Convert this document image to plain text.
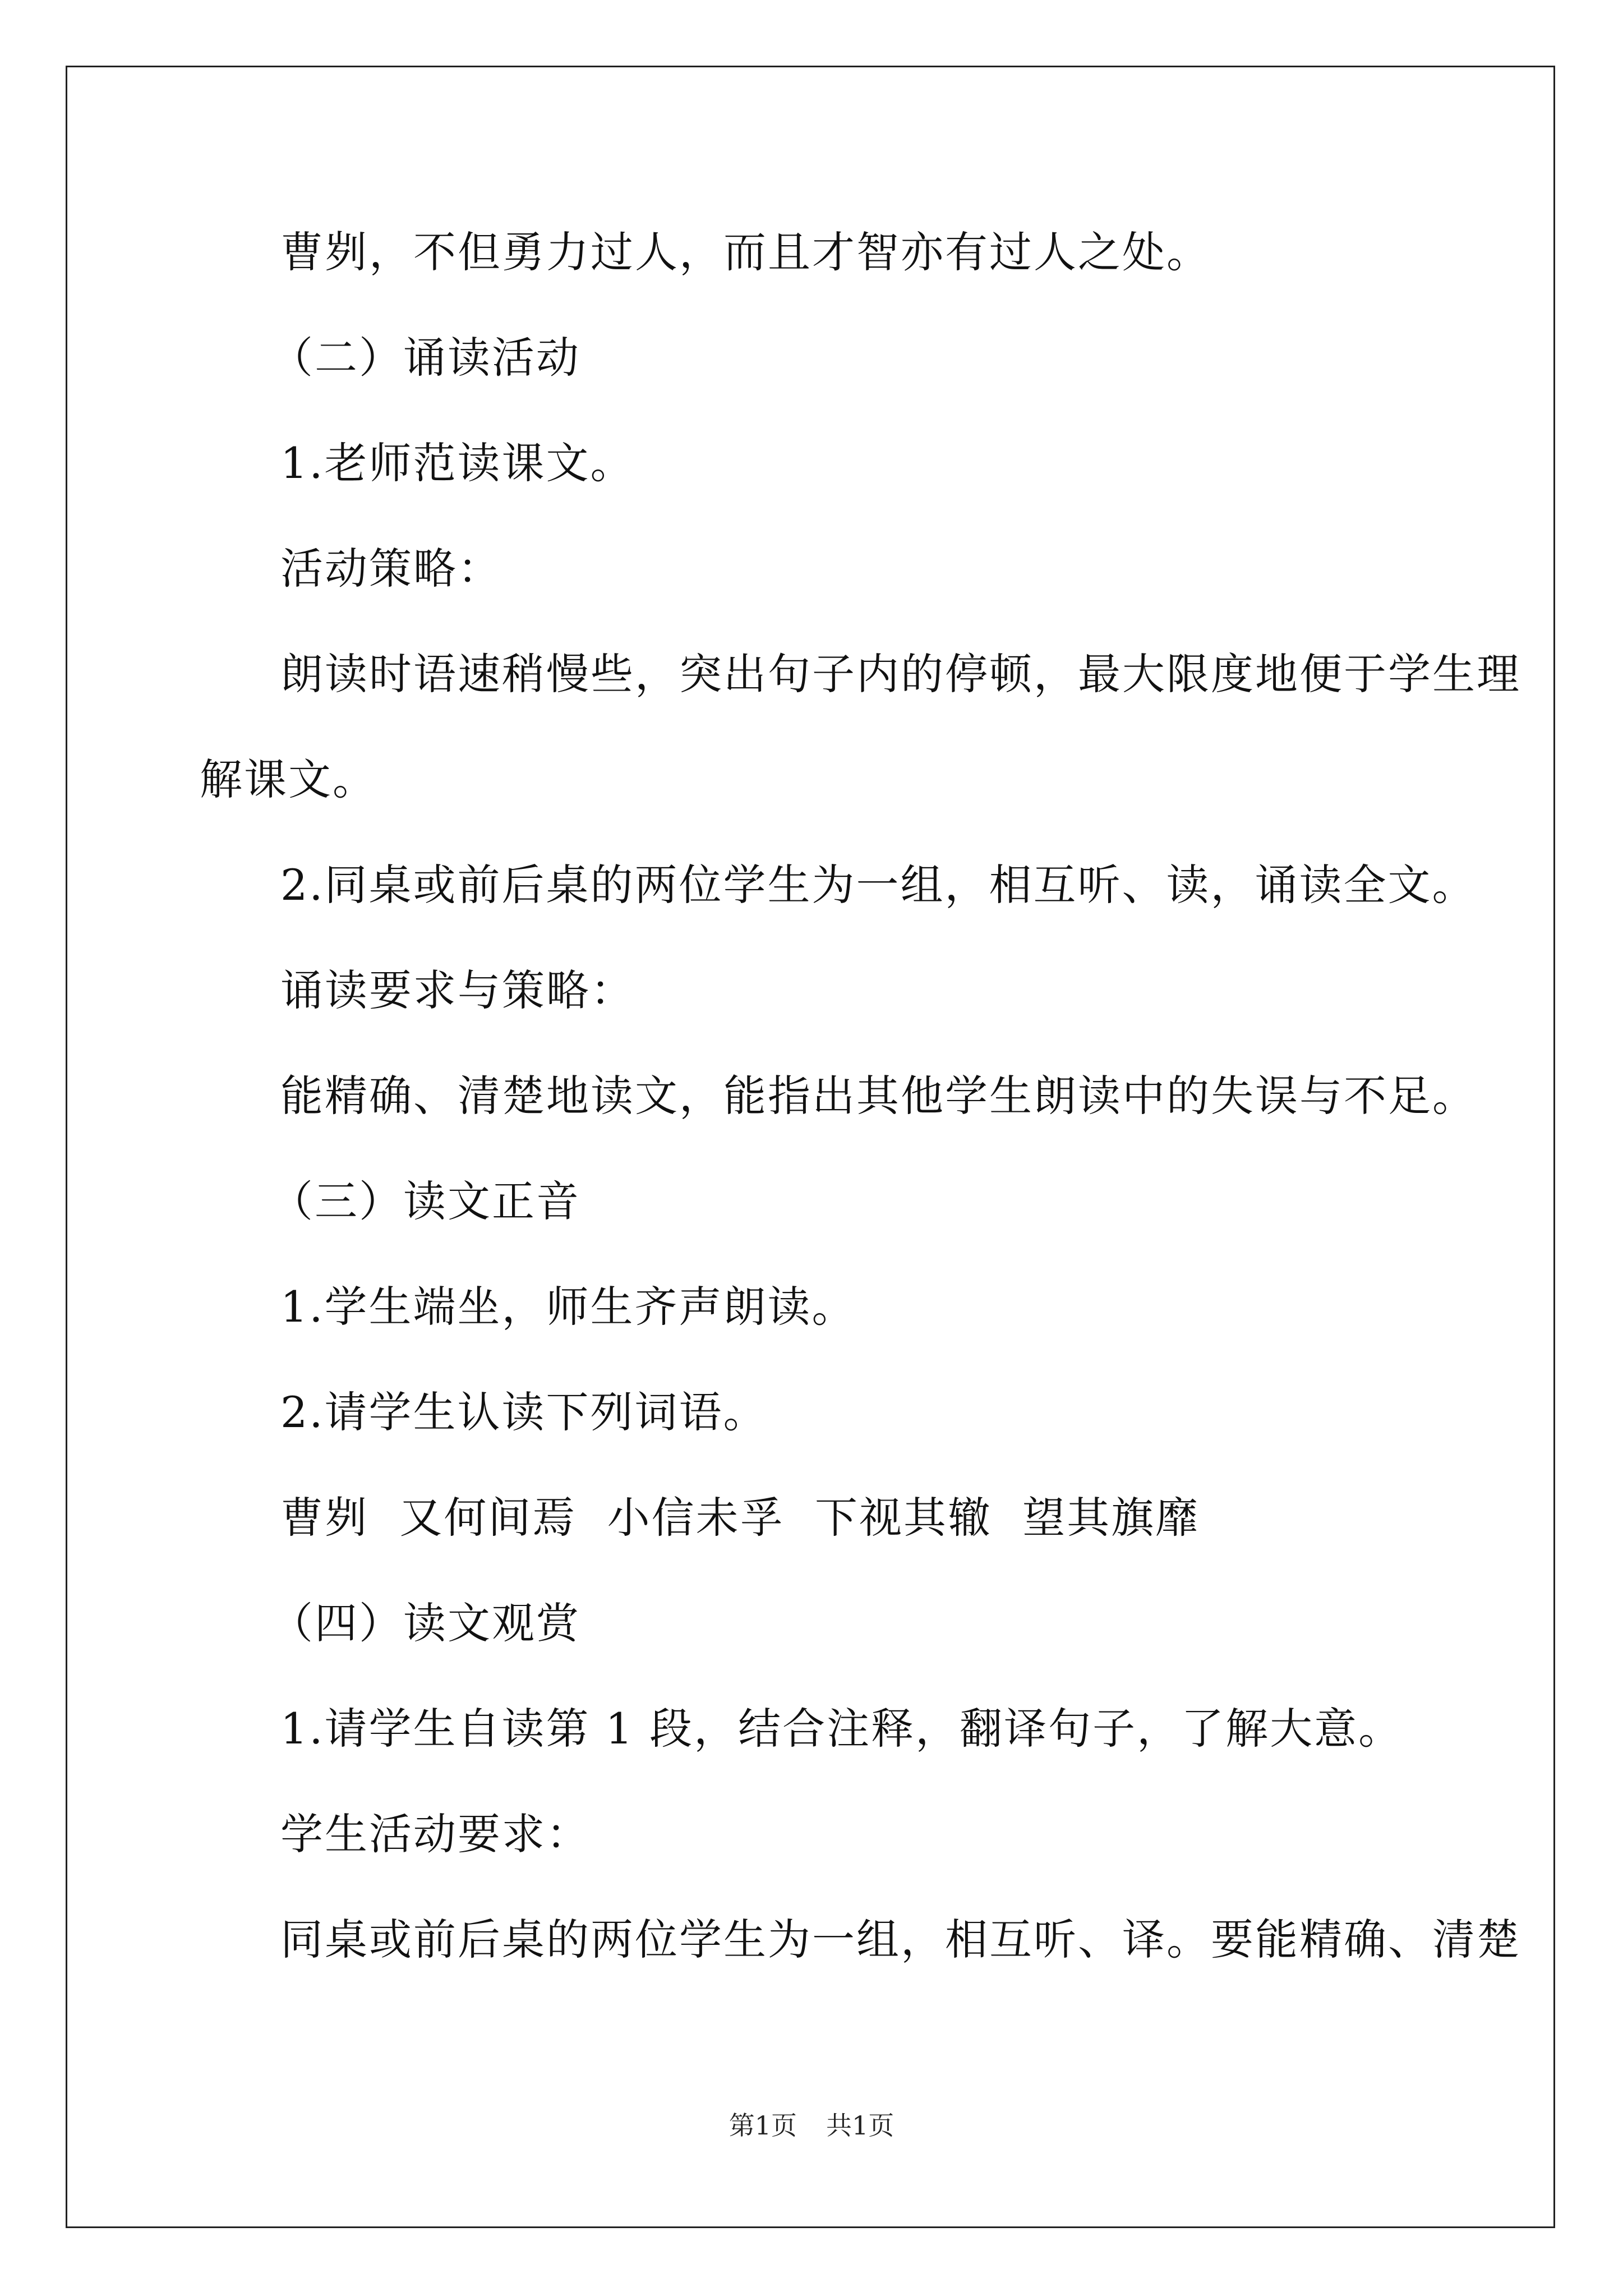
曹刿，不但勇力过人，而且才智亦有过人之处。
（二）诵读活动
1.老师范读课文。
活动策略：
朗读时语速稍慢些，突出句子内的停顿，最大限度地便于学生理
解课文。
2.同桌或前后桌的两位学生为一组，相互听、读，诵读全文。
诵读要求与策略：
能精确、清楚地读文，能指出其他学生朗读中的失误与不足。
（三）读文正音
1.学生端坐，师生齐声朗读。
2.请学生认读下列词语。
曹刿  又何间焉  小信未孚  下视其辙  望其旗靡
（四）读文观赏
1.请学生自读第 1 段，结合注释，翻译句子，了解大意。
学生活动要求：
同桌或前后桌的两位学生为一组，相互听、译。要能精确、清楚
第1页 共1页
